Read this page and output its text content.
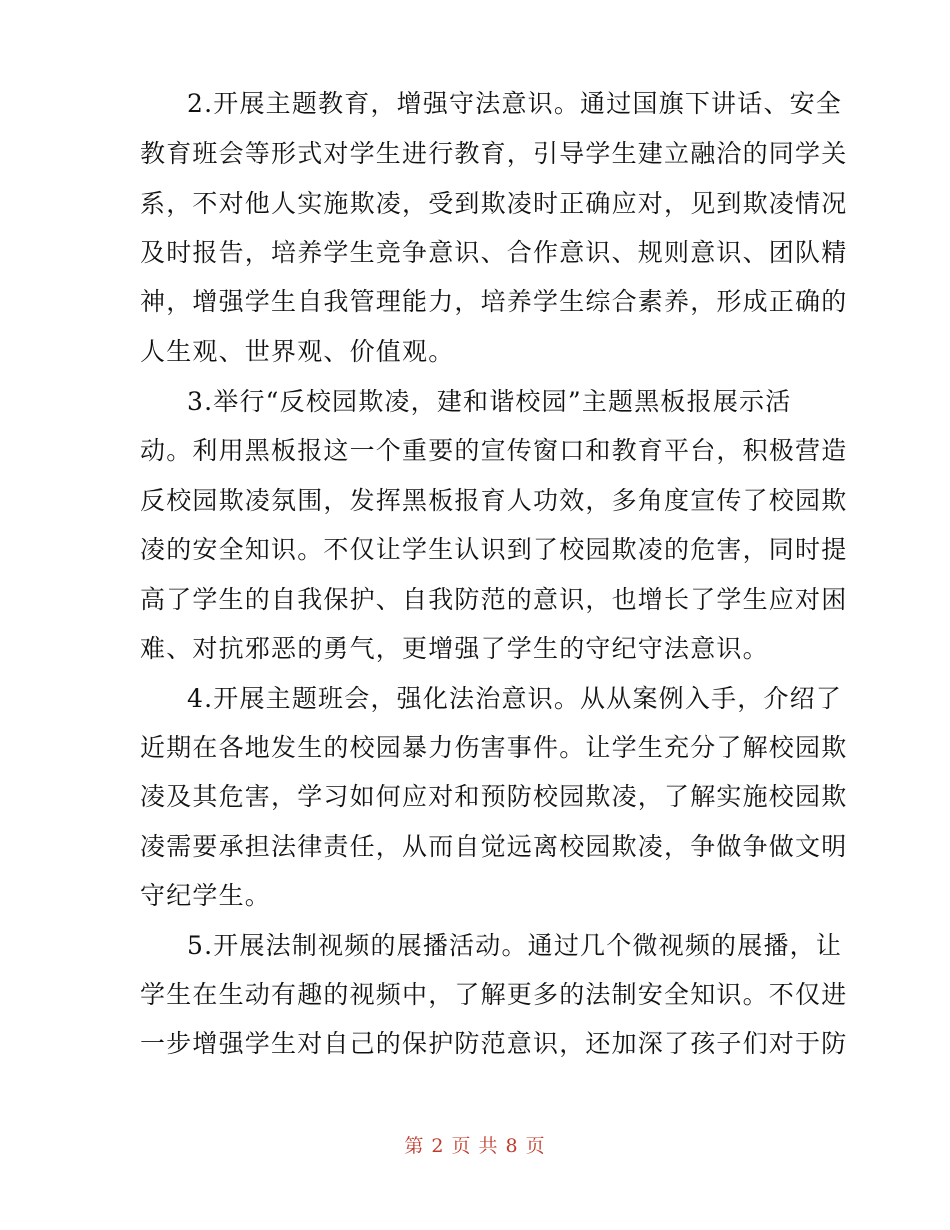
2.开展主题教育，增强守法意识。通过国旗下讲话、安全
教育班会等形式对学生进行教育，引导学生建立融洽的同学关
系，不对他人实施欺凌，受到欺凌时正确应对，见到欺凌情况
及时报告，培养学生竞争意识、合作意识、规则意识、团队精
神，增强学生自我管理能力，培养学生综合素养，形成正确的
人生观、世界观、价值观。
3.举行“反校园欺凌，建和谐校园”主题黑板报展示活
动。利用黑板报这一个重要的宣传窗口和教育平台，积极营造
反校园欺凌氛围，发挥黑板报育人功效，多角度宣传了校园欺
凌的安全知识。不仅让学生认识到了校园欺凌的危害，同时提
高了学生的自我保护、自我防范的意识，也增长了学生应对困
难、对抗邪恶的勇气，更增强了学生的守纪守法意识。
4.开展主题班会，强化法治意识。从从案例入手，介绍了
近期在各地发生的校园暴力伤害事件。让学生充分了解校园欺
凌及其危害，学习如何应对和预防校园欺凌，了解实施校园欺
凌需要承担法律责任，从而自觉远离校园欺凌，争做争做文明
守纪学生。
5.开展法制视频的展播活动。通过几个微视频的展播，让
学生在生动有趣的视频中，了解更多的法制安全知识。不仅进
一步增强学生对自己的保护防范意识，还加深了孩子们对于防
第 2 页 共 8 页
